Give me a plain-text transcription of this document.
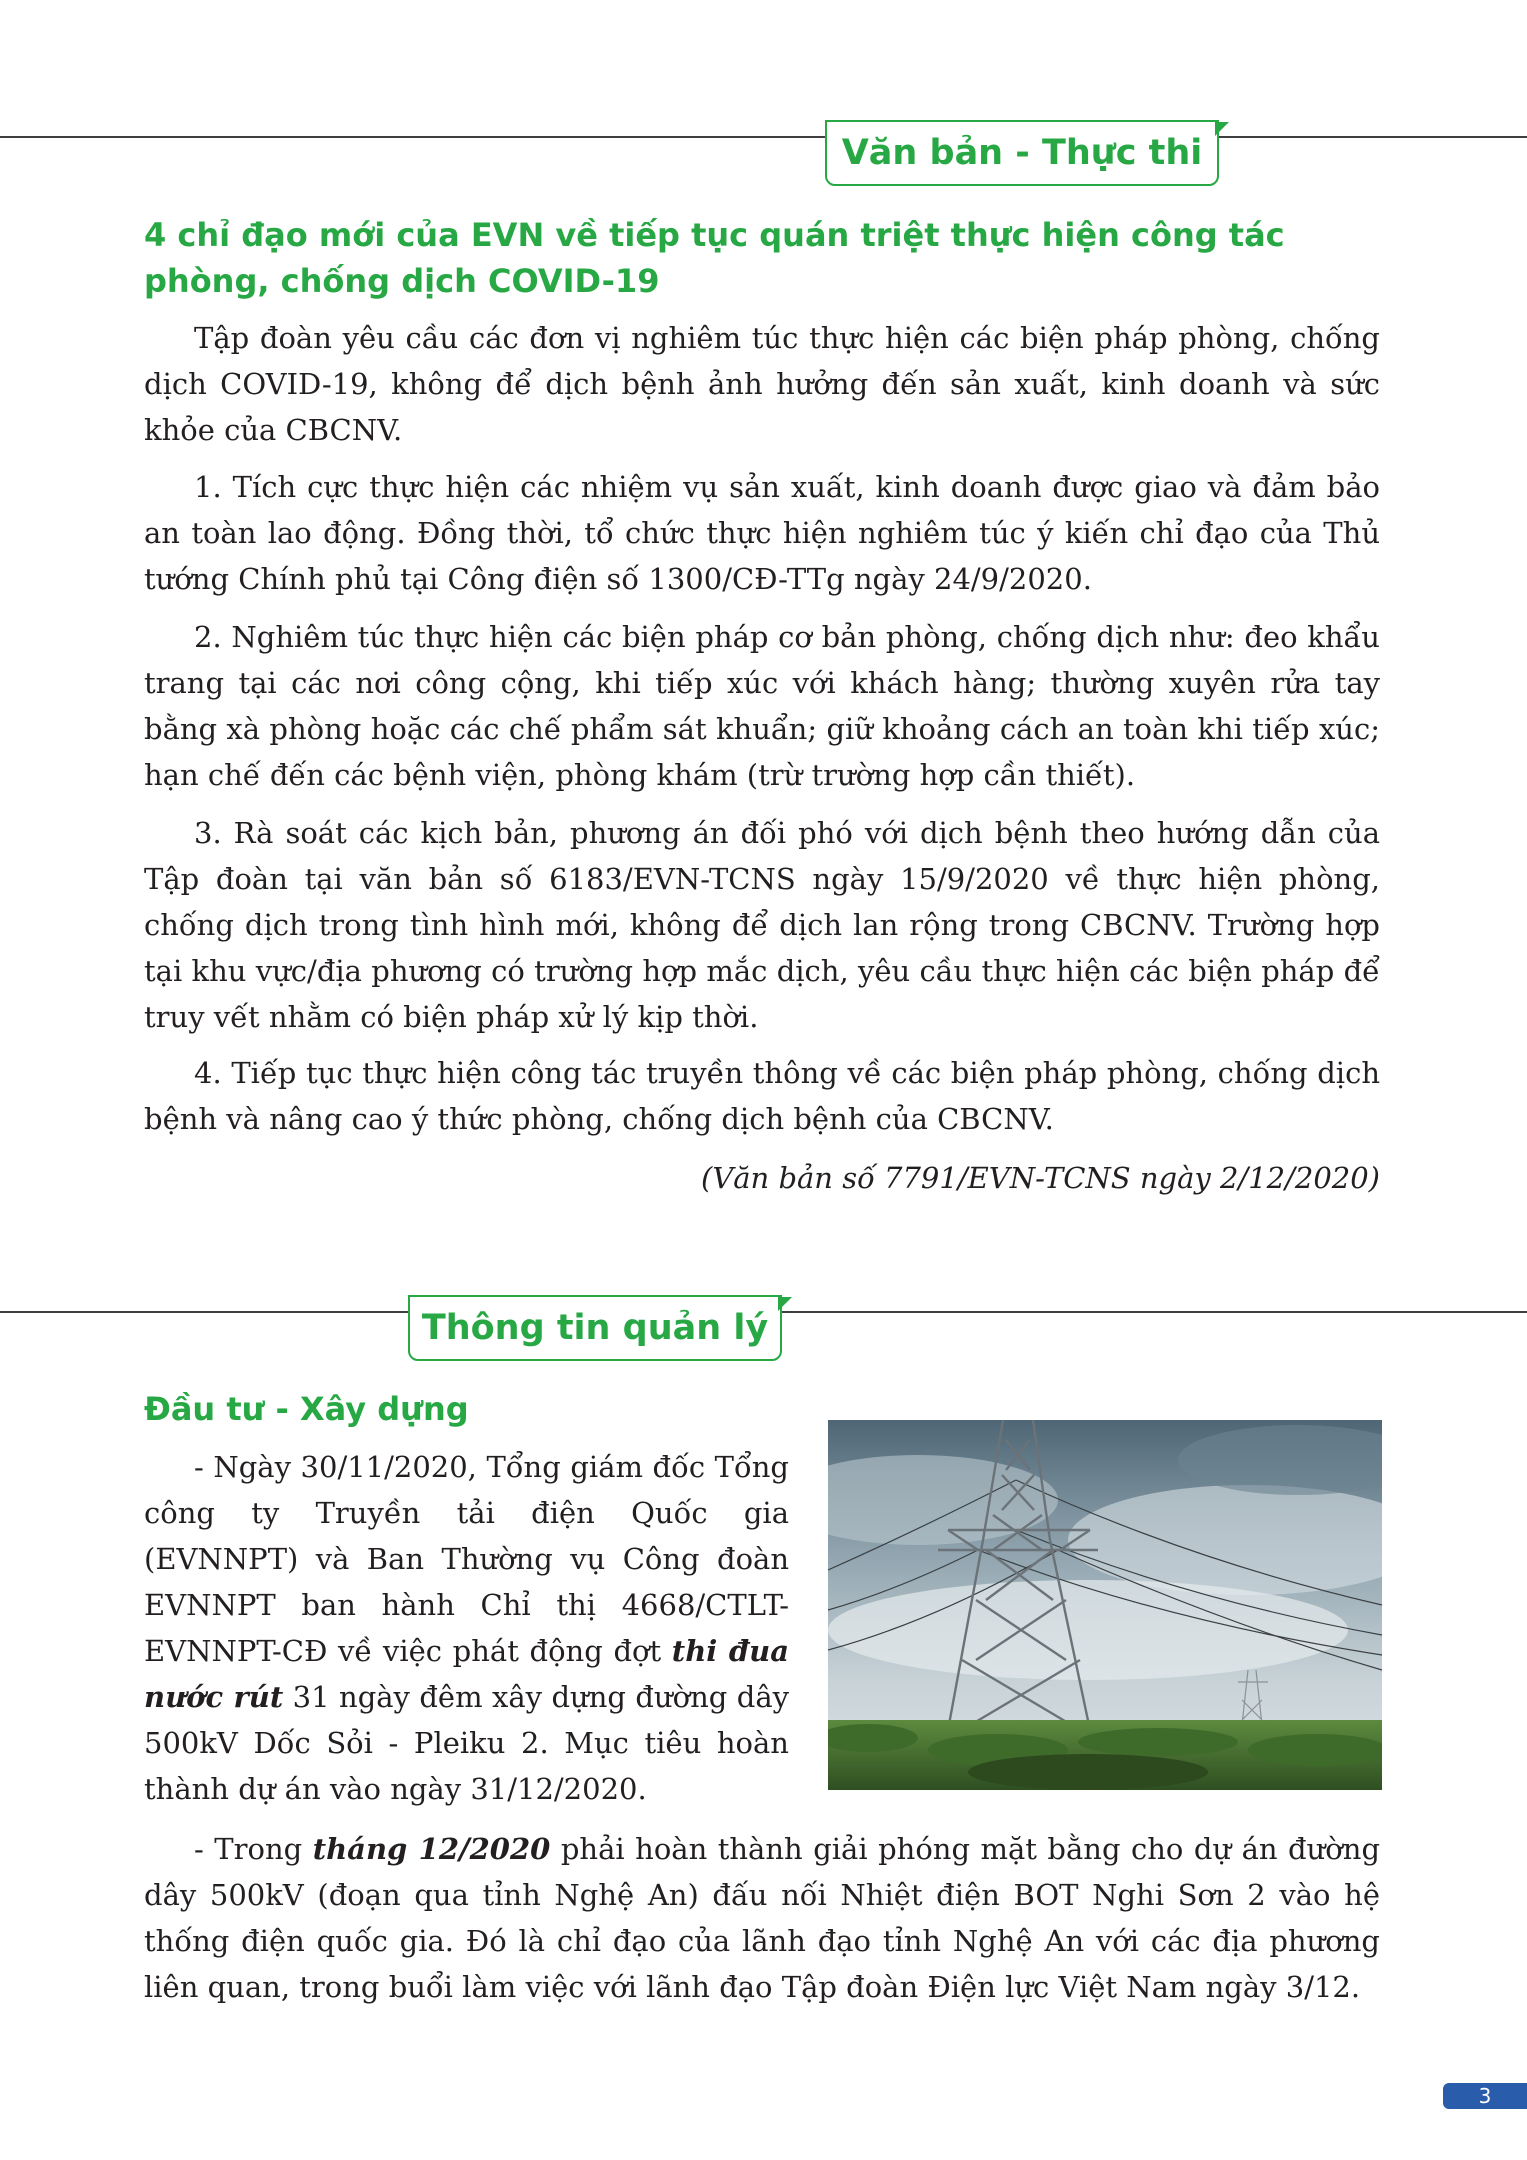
Văn bản - Thực thi
4 chỉ đạo mới của EVN về tiếp tục quán triệt thực hiện công tác phòng, chống dịch COVID-19

Tập đoàn yêu cầu các đơn vị nghiêm túc thực hiện các biện pháp phòng, chống dịch COVID-19, không để dịch bệnh ảnh hưởng đến sản xuất, kinh doanh và sức khỏe của CBCNV.

1. Tích cực thực hiện các nhiệm vụ sản xuất, kinh doanh được giao và đảm bảo an toàn lao động. Đồng thời, tổ chức thực hiện nghiêm túc ý kiến chỉ đạo của Thủ tướng Chính phủ tại Công điện số 1300/CĐ-TTg ngày 24/9/2020.

2. Nghiêm túc thực hiện các biện pháp cơ bản phòng, chống dịch như: đeo khẩu trang tại các nơi công cộng, khi tiếp xúc với khách hàng; thường xuyên rửa tay bằng xà phòng hoặc các chế phẩm sát khuẩn; giữ khoảng cách an toàn khi tiếp xúc; hạn chế đến các bệnh viện, phòng khám (trừ trường hợp cần thiết).

3. Rà soát các kịch bản, phương án đối phó với dịch bệnh theo hướng dẫn của Tập đoàn tại văn bản số 6183/EVN-TCNS ngày 15/9/2020 về thực hiện phòng, chống dịch trong tình hình mới, không để dịch lan rộng trong CBCNV. Trường hợp tại khu vực/địa phương có trường hợp mắc dịch, yêu cầu thực hiện các biện pháp để truy vết nhằm có biện pháp xử lý kịp thời.

4. Tiếp tục thực hiện công tác truyền thông về các biện pháp phòng, chống dịch bệnh và nâng cao ý thức phòng, chống dịch bệnh của CBCNV.

(Văn bản số 7791/EVN-TCNS ngày 2/12/2020)

Thông tin quản lý
Đầu tư - Xây dựng

- Ngày 30/11/2020, Tổng giám đốc Tổng công ty Truyền tải điện Quốc gia (EVNNPT) và Ban Thường vụ Công đoàn EVNNPT ban hành Chỉ thị 4668/CTLT-EVNNPT-CĐ về việc phát động đợt thi đua nước rút 31 ngày đêm xây dựng đường dây 500kV Dốc Sỏi - Pleiku 2. Mục tiêu hoàn thành dự án vào ngày 31/12/2020.

- Trong tháng 12/2020 phải hoàn thành giải phóng mặt bằng cho dự án đường dây 500kV (đoạn qua tỉnh Nghệ An) đấu nối Nhiệt điện BOT Nghi Sơn 2 vào hệ thống điện quốc gia. Đó là chỉ đạo của lãnh đạo tỉnh Nghệ An với các địa phương liên quan, trong buổi làm việc với lãnh đạo Tập đoàn Điện lực Việt Nam ngày 3/12.

3
